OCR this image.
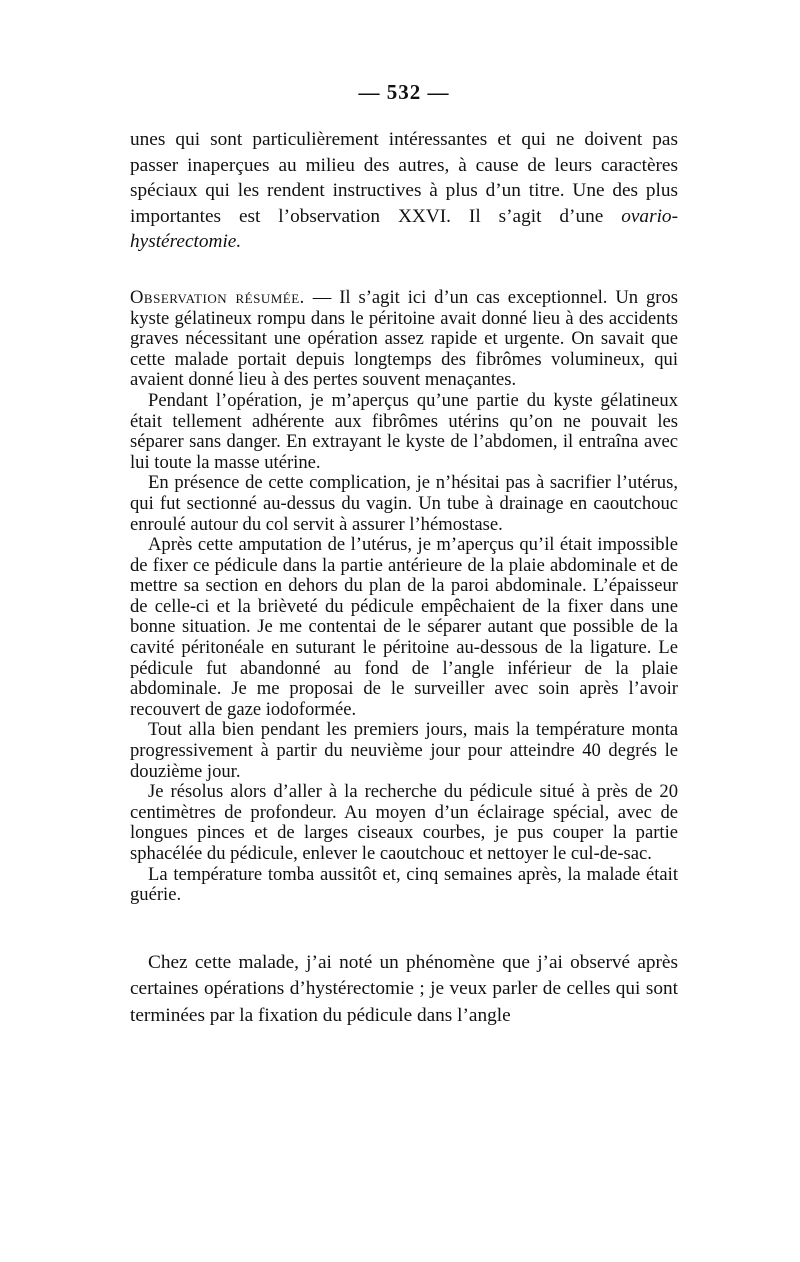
— 532 —

unes qui sont particulièrement intéressantes et qui ne doivent pas passer inaperçues au milieu des autres, à cause de leurs caractères spéciaux qui les rendent instructives à plus d’un titre. Une des plus importantes est l’observation XXVI. Il s’agit d’une ovario-hystérectomie.

Observation résumée. — Il s’agit ici d’un cas exceptionnel. Un gros kyste gélatineux rompu dans le péritoine avait donné lieu à des accidents graves nécessitant une opération assez rapide et urgente. On savait que cette malade portait depuis longtemps des fibrômes volumineux, qui avaient donné lieu à des pertes souvent menaçantes.

Pendant l’opération, je m’aperçus qu’une partie du kyste gélatineux était tellement adhérente aux fibrômes utérins qu’on ne pouvait les séparer sans danger. En extrayant le kyste de l’abdomen, il entraîna avec lui toute la masse utérine.

En présence de cette complication, je n’hésitai pas à sacrifier l’utérus, qui fut sectionné au-dessus du vagin. Un tube à drainage en caoutchouc enroulé autour du col servit à assurer l’hémostase.

Après cette amputation de l’utérus, je m’aperçus qu’il était impossible de fixer ce pédicule dans la partie antérieure de la plaie abdominale et de mettre sa section en dehors du plan de la paroi abdominale. L’épaisseur de celle-ci et la brièveté du pédicule empêchaient de la fixer dans une bonne situation. Je me contentai de le séparer autant que possible de la cavité péritonéale en suturant le péritoine au-dessous de la ligature. Le pédicule fut abandonné au fond de l’angle inférieur de la plaie abdominale. Je me proposai de le surveiller avec soin après l’avoir recouvert de gaze iodoformée.

Tout alla bien pendant les premiers jours, mais la température monta progressivement à partir du neuvième jour pour atteindre 40 degrés le douzième jour.

Je résolus alors d’aller à la recherche du pédicule situé à près de 20 centimètres de profondeur. Au moyen d’un éclairage spécial, avec de longues pinces et de larges ciseaux courbes, je pus couper la partie sphacélée du pédicule, enlever le caoutchouc et nettoyer le cul-de-sac.

La température tomba aussitôt et, cinq semaines après, la malade était guérie.

Chez cette malade, j’ai noté un phénomène que j’ai observé après certaines opérations d’hystérectomie ; je veux parler de celles qui sont terminées par la fixation du pédicule dans l’angle
